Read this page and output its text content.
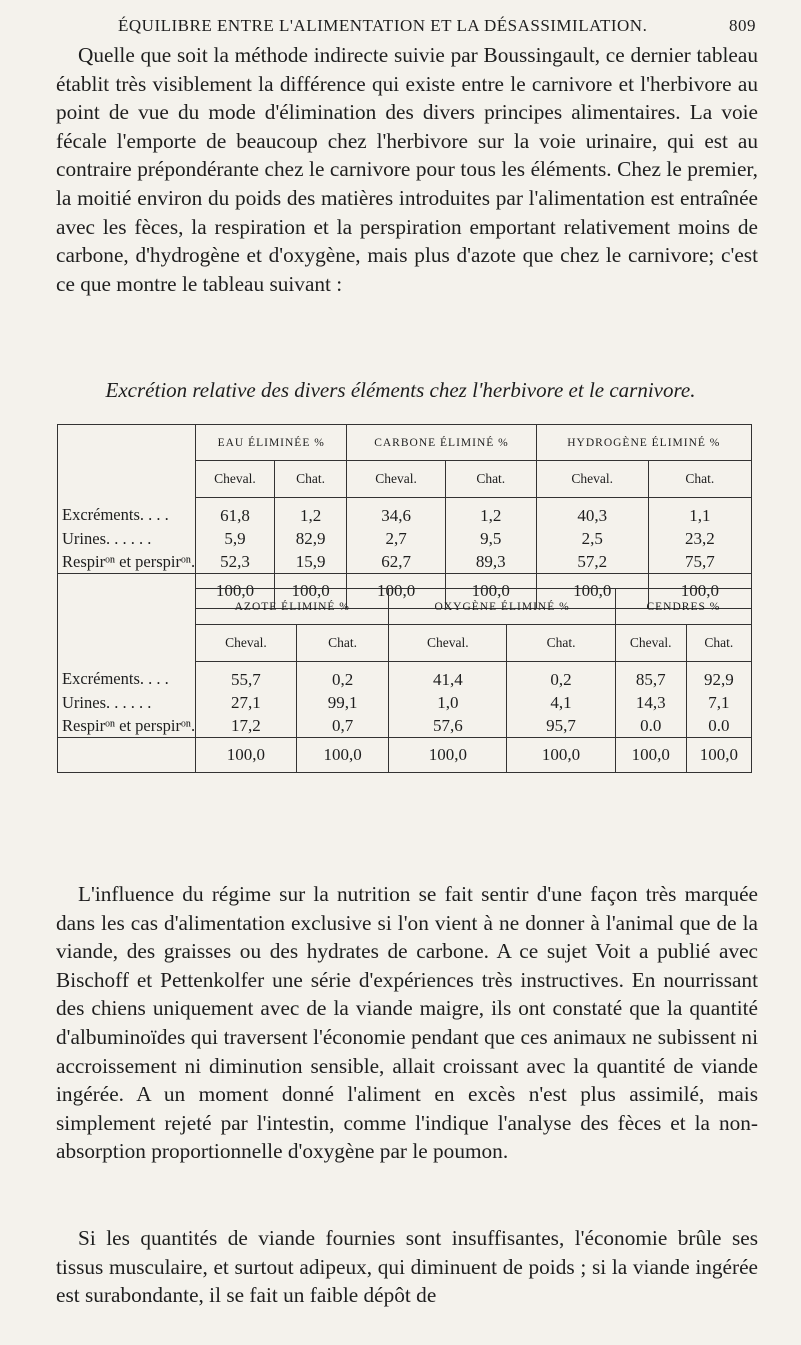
ÉQUILIBRE ENTRE L'ALIMENTATION ET LA DÉSASSIMILATION.	809
Quelle que soit la méthode indirecte suivie par Boussingault, ce dernier tableau établit très visiblement la différence qui existe entre le carnivore et l'herbivore au point de vue du mode d'élimination des divers principes alimentaires. La voie fécale l'emporte de beaucoup chez l'herbivore sur la voie urinaire, qui est au contraire prépondérante chez le carnivore pour tous les éléments. Chez le premier, la moitié environ du poids des matières introduites par l'alimentation est entraînée avec les fèces, la respiration et la perspiration emportant relativement moins de carbone, d'hydrogène et d'oxygène, mais plus d'azote que chez le carnivore; c'est ce que montre le tableau suivant :
Excrétion relative des divers éléments chez l'herbivore et le carnivore.
	EAU ÉLIMINÉE %		CARBONE ÉLIMINÉ %		HYDROGÈNE ÉLIMINÉ %	
	Cheval.	Chat.	Cheval.	Chat.	Cheval.	Chat.
Excréments. . . .	61,8	1,2	34,6	1,2	40,3	1,1
Urines. . . . . .	5,9	82,9	2,7	9,5	2,5	23,2
Respirᵒⁿ et perspirᵒⁿ.	52,3	15,9	62,7	89,3	57,2	75,7
	100,0	100,0	100,0	100,0	100,0	100,0
	AZOTE ÉLIMINÉ %		OXYGÈNE ÉLIMINÉ %		CENDRES %	
	Cheval.	Chat.	Cheval.	Chat.	Cheval.	Chat.
Excréments. . . .	55,7	0,2	41,4	0,2	85,7	92,9
Urines. . . . . .	27,1	99,1	1,0	4,1	14,3	7,1
Respirᵒⁿ et perspirᵒⁿ.	17,2	0,7	57,6	95,7	0.0	0.0
	100,0	100,0	100,0	100,0	100,0	100,0
L'influence du régime sur la nutrition se fait sentir d'une façon très marquée dans les cas d'alimentation exclusive si l'on vient à ne donner à l'animal que de la viande, des graisses ou des hydrates de carbone. A ce sujet Voit a publié avec Bischoff et Pettenkolfer une série d'expériences très instructives. En nourrissant des chiens uniquement avec de la viande maigre, ils ont constaté que la quantité d'albuminoïdes qui traversent l'économie pendant que ces animaux ne subissent ni accroissement ni diminution sensible, allait croissant avec la quantité de viande ingérée. A un moment donné l'aliment en excès n'est plus assimilé, mais simplement rejeté par l'intestin, comme l'indique l'analyse des fèces et la non-absorption proportionnelle d'oxygène par le poumon.
Si les quantités de viande fournies sont insuffisantes, l'économie brûle ses tissus musculaire, et surtout adipeux, qui diminuent de poids ; si la viande ingérée est surabondante, il se fait un faible dépôt de
